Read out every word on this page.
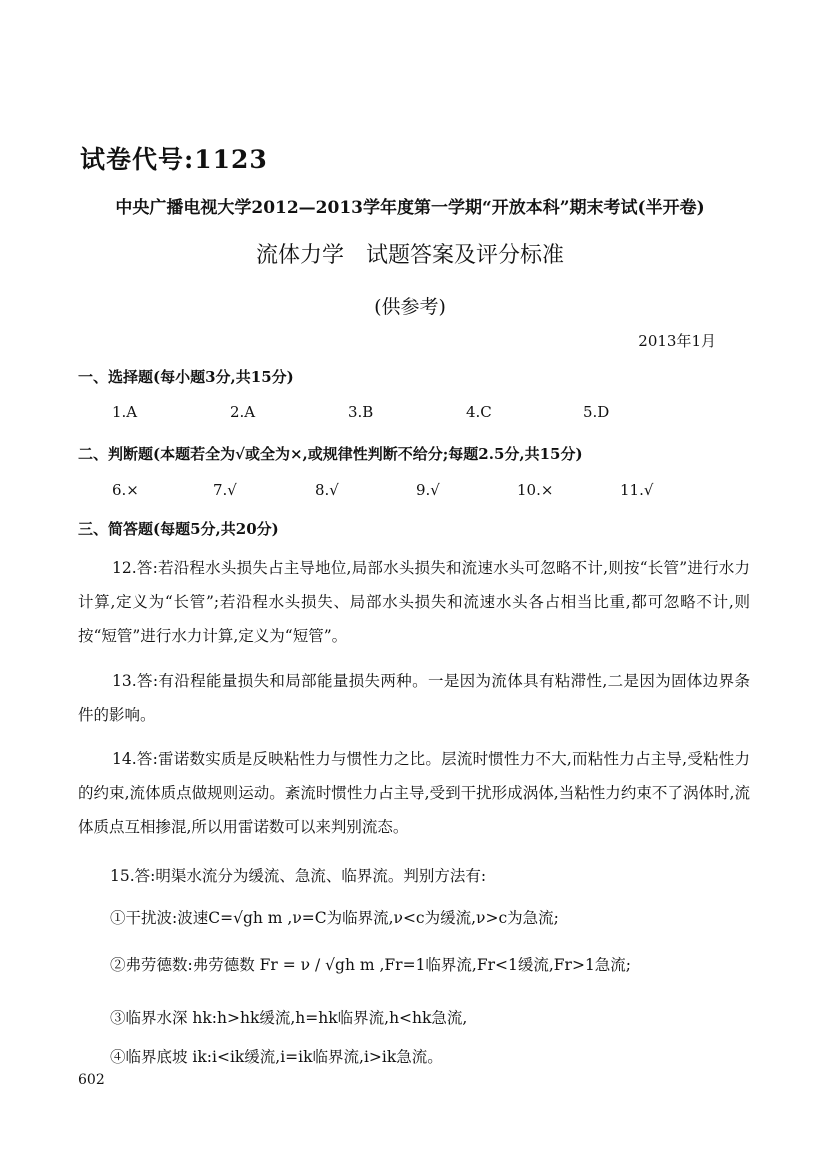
试卷代号:1123
中央广播电视大学2012—2013学年度第一学期“开放本科”期末考试(半开卷)
流体力学　试题答案及评分标准
(供参考)
2013年1月
一、选择题(每小题3分,共15分)
1.A	2.A	3.B	4.C	5.D
二、判断题(本题若全为√或全为×,或规律性判断不给分;每题2.5分,共15分)
6.×	7.√	8.√	9.√	10.×	11.√
三、简答题(每题5分,共20分)

12.答:若沿程水头损失占主导地位,局部水头损失和流速水头可忽略不计,则按“长管”进行水力计算,定义为“长管”;若沿程水头损失、局部水头损失和流速水头各占相当比重,都可忽略不计,则按“短管”进行水力计算,定义为“短管”。

13.答:有沿程能量损失和局部能量损失两种。一是因为流体具有粘滞性,二是因为固体边界条件的影响。

14.答:雷诺数实质是反映粘性力与惯性力之比。层流时惯性力不大,而粘性力占主导,受粘性力的约束,流体质点做规则运动。紊流时惯性力占主导,受到干扰形成涡体,当粘性力约束不了涡体时,流体质点互相掺混,所以用雷诺数可以来判别流态。

15.答:明渠水流分为缓流、急流、临界流。判别方法有:
①干扰波:波速C=√gh m ,ν=C为临界流,ν<c为缓流,ν>c为急流;
②弗劳德数:弗劳德数 Fr = ν / √gh m ,Fr=1临界流,Fr<1缓流,Fr>1急流;
③临界水深 hk:h>hk缓流,h=hk临界流,h<hk急流,
④临界底坡 ik:i<ik缓流,i=ik临界流,i>ik急流。
602
